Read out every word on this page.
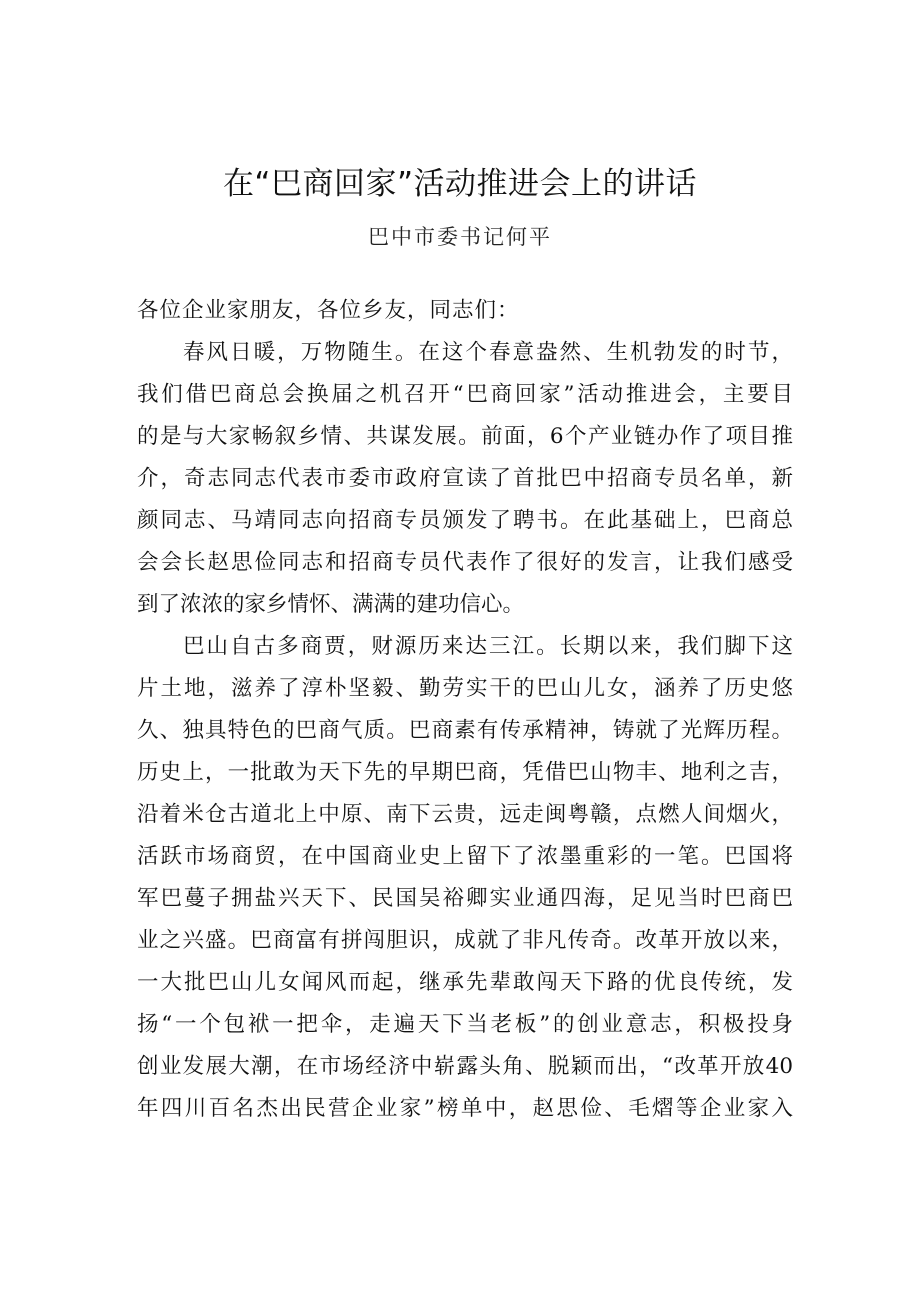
在“巴商回家”活动推进会上的讲话
巴中市委书记何平
各位企业家朋友，各位乡友，同志们：
春风日暖，万物随生。在这个春意盎然、生机勃发的时节，
我们借巴商总会换届之机召开“巴商回家”活动推进会，主要目
的是与大家畅叙乡情、共谋发展。前面，6个产业链办作了项目推
介，奇志同志代表市委市政府宣读了首批巴中招商专员名单，新
颜同志、马靖同志向招商专员颁发了聘书。在此基础上，巴商总
会会长赵思俭同志和招商专员代表作了很好的发言，让我们感受
到了浓浓的家乡情怀、满满的建功信心。
巴山自古多商贾，财源历来达三江。长期以来，我们脚下这
片土地，滋养了淳朴坚毅、勤劳实干的巴山儿女，涵养了历史悠
久、独具特色的巴商气质。巴商素有传承精神，铸就了光辉历程。
历史上，一批敢为天下先的早期巴商，凭借巴山物丰、地利之吉，
沿着米仓古道北上中原、南下云贵，远走闽粤赣，点燃人间烟火，
活跃市场商贸，在中国商业史上留下了浓墨重彩的一笔。巴国将
军巴蔓子拥盐兴天下、民国吴裕卿实业通四海，足见当时巴商巴
业之兴盛。巴商富有拼闯胆识，成就了非凡传奇。改革开放以来，
一大批巴山儿女闻风而起，继承先辈敢闯天下路的优良传统，发
扬“一个包袱一把伞，走遍天下当老板”的创业意志，积极投身
创业发展大潮，在市场经济中崭露头角、脱颖而出，“改革开放40
年四川百名杰出民营企业家”榜单中，赵思俭、毛熠等企业家入
